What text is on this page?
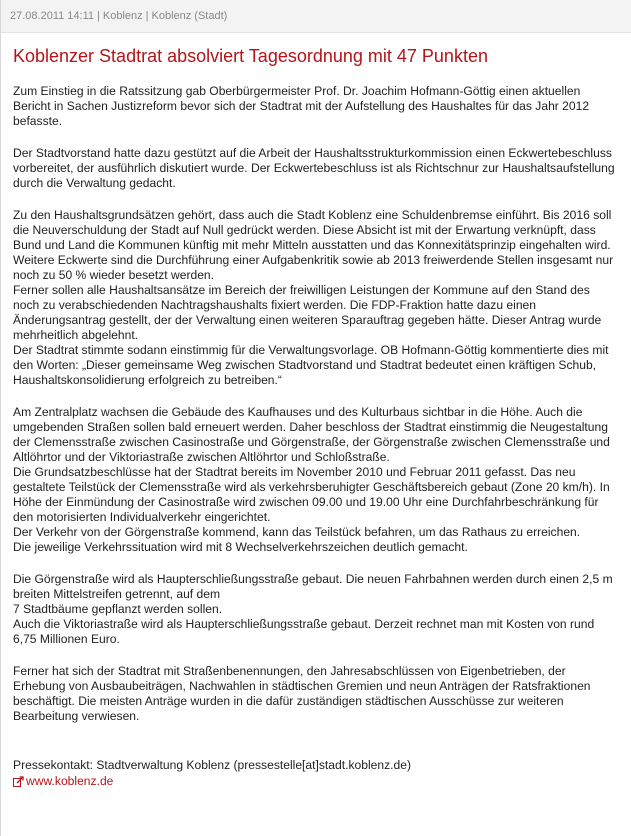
27.08.2011 14:11 | Koblenz | Koblenz (Stadt)
Koblenzer Stadtrat absolviert Tagesordnung mit 47 Punkten

Zum Einstieg in die Ratssitzung gab Oberbürgermeister Prof. Dr. Joachim Hofmann-Göttig einen aktuellen Bericht in Sachen Justizreform bevor sich der Stadtrat mit der Aufstellung des Haushaltes für das Jahr 2012 befasste.

Der Stadtvorstand hatte dazu gestützt auf die Arbeit der Haushaltsstrukturkommission einen Eckwertebeschluss vorbereitet, der ausführlich diskutiert wurde. Der Eckwertebeschluss ist als Richtschnur zur Haushaltsaufstellung durch die Verwaltung gedacht.

Zu den Haushaltsgrundsätzen gehört, dass auch die Stadt Koblenz eine Schuldenbremse einführt. Bis 2016 soll die Neuverschuldung der Stadt auf Null gedrückt werden. Diese Absicht ist mit der Erwartung verknüpft, dass Bund und Land die Kommunen künftig mit mehr Mitteln ausstatten und das Konnexitätsprinzip eingehalten wird.

Weitere Eckwerte sind die Durchführung einer Aufgabenkritik sowie ab 2013 freiwerdende Stellen insgesamt nur noch zu 50 % wieder besetzt werden.

Ferner sollen alle Haushaltsansätze im Bereich der freiwilligen Leistungen der Kommune auf den Stand des noch zu verabschiedenden Nachtragshaushalts fixiert werden. Die FDP-Fraktion hatte dazu einen Änderungsantrag gestellt, der der Verwaltung einen weiteren Sparauftrag gegeben hätte. Dieser Antrag wurde mehrheitlich abgelehnt.

Der Stadtrat stimmte sodann einstimmig für die Verwaltungsvorlage. OB Hofmann-Göttig kommentierte dies mit den Worten: „Dieser gemeinsame Weg zwischen Stadtvorstand und Stadtrat bedeutet einen kräftigen Schub, Haushaltskonsolidierung erfolgreich zu betreiben.“

Am Zentralplatz wachsen die Gebäude des Kaufhauses und des Kulturbaus sichtbar in die Höhe. Auch die umgebenden Straßen sollen bald erneuert werden. Daher beschloss der Stadtrat einstimmig die Neugestaltung der Clemensstraße zwischen Casinostraße und Görgenstraße, der Görgenstraße zwischen Clemensstraße und Altlöhrtor und der Viktoriastraße zwischen Altlöhrtor und Schloßstraße.

Die Grundsatzbeschlüsse hat der Stadtrat bereits im November 2010 und Februar 2011 gefasst. Das neu gestaltete Teilstück der Clemensstraße wird als verkehrsberuhigter Geschäftsbereich gebaut (Zone 20 km/h). In Höhe der Einmündung der Casinostraße wird zwischen 09.00 und 19.00 Uhr eine Durchfahrbeschränkung für den motorisierten Individualverkehr eingerichtet.

Der Verkehr von der Görgenstraße kommend, kann das Teilstück befahren, um das Rathaus zu erreichen.

Die jeweilige Verkehrssituation wird mit 8 Wechselverkehrszeichen deutlich gemacht.

Die Görgenstraße wird als Haupterschließungsstraße gebaut. Die neuen Fahrbahnen werden durch einen 2,5 m breiten Mittelstreifen getrennt, auf dem

7 Stadtbäume gepflanzt werden sollen.

Auch die Viktoriastraße wird als Haupterschließungsstraße gebaut. Derzeit rechnet man mit Kosten von rund 6,75 Millionen Euro.

Ferner hat sich der Stadtrat mit Straßenbenennungen, den Jahresabschlüssen von Eigenbetrieben, der Erhebung von Ausbaubeiträgen, Nachwahlen in städtischen Gremien und neun Anträgen der Ratsfraktionen beschäftigt. Die meisten Anträge wurden in die dafür zuständigen städtischen Ausschüsse zur weiteren Bearbeitung verwiesen.

Pressekontakt: Stadtverwaltung Koblenz (pressestelle[at]stadt.koblenz.de)

www.koblenz.de
